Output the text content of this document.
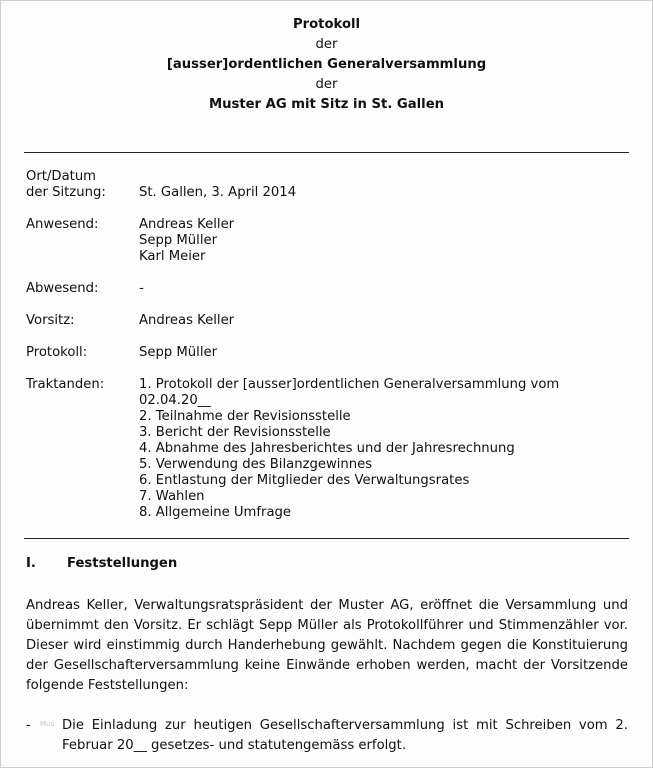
Protokoll
der
[ausser]ordentlichen Generalversammlung
der
Muster AG mit Sitz in St. Gallen
Ort/Datum
der Sitzung:	St. Gallen, 3. April 2014
Anwesend:	Andreas Keller
Sepp Müller
Karl Meier
Abwesend:	-
Vorsitz:	Andreas Keller
Protokoll:	Sepp Müller
Traktanden:	1. Protokoll der [ausser]ordentlichen Generalversammlung vom
02.04.20__
2. Teilnahme der Revisionsstelle
3. Bericht der Revisionsstelle
4. Abnahme des Jahresberichtes und der Jahresrechnung
5. Verwendung des Bilanzgewinnes
6. Entlastung der Mitglieder des Verwaltungsrates
7. Wahlen
8. Allgemeine Umfrage
I. Feststellungen
Andreas Keller, Verwaltungsratspräsident der Muster AG, eröffnet die Versammlung und übernimmt den Vorsitz. Er schlägt Sepp Müller als Protokollführer und Stimmenzähler vor. Dieser wird einstimmig durch Handerhebung gewählt. Nachdem gegen die Konstituierung der Gesellschafterversammlung keine Einwände erhoben werden, macht der Vorsitzende folgende Feststellungen:
- Mus Die Einladung zur heutigen Gesellschafterversammlung ist mit Schreiben vom 2. Februar 20__ gesetzes- und statutengemäss erfolgt.
